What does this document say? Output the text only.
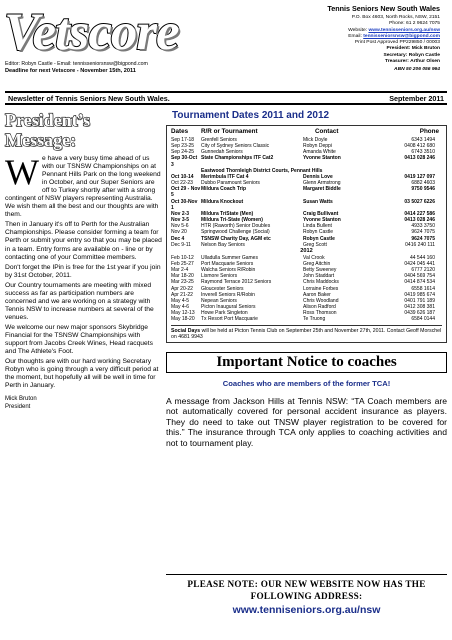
Vetscore
Editor: Robyn Castle - Email: tennisseniorsnsw@bigpond.com
Deadline for next Vetscore - November 15th, 2011
Tennis Seniors New South Wales
P.O. Box 4603, North Rocks, NSW, 2151
Phone: 61 2 9624 7075
Website: www.tennisseniors.org.au/nsw
Email: tennisseniorsnsw@bigpond.com
Print Post Approved PP229850 / 00003
President: Mick Bruton
Secretary: Robyn Castle
Treasurer: Arthur Olsen
ABN 50 206 056 964
Newsletter of Tennis Seniors New South Wales.	September 2011
President’s
Message:
W e have a very busy time ahead of us with our TSNSW Championships on at Pennant Hills Park on the long weekend in October, and our Super Seniors are off to Turkey shortly after with a strong contingent of NSW players representing Australia. We wish them all the best and our thoughts are with them.

Then in January it's off to Perth for the Australian Championships. Please consider forming a team for Perth or submit your entry so that you may be placed in a team. Entry forms are available on - line or by contacting one of your Committee members.

Don't forget the IPin is free for the 1st year if you join by 31st October, 2011.

Our Country tournaments are meeting with mixed success as far as participation numbers are concerned and we are working on a strategy with Tennis NSW to increase numbers at several of the venues.

We welcome our new major sponsors Skybridge Financial for the TSNSW Championships with support from Jacobs Creek Wines, Head racquets and The Athlete's Foot.

Our thoughts are with our hard working Secretary Robyn who is going through a very difficult period at the moment, but hopefully all will be well in time for Perth in January.

Mick Bruton
President
Tournament Dates 2011 and 2012
Dates	R/R or Tournament	Contact	Phone
Sep 17-18	Grenfell Seniors	Mick Doyle	6343 1494
Sep 23-25	City of Sydney Seniors Classic	Robyn Deppi	0408 412 680
Sep 24-25	Gunnedah Seniors	Amanda White	6743 3510
Sep 30-Oct 3
State Championships ITF Cat2	Yvonne Stanton	0413 028 246
Eastwood Thornleigh District Courts, Pennant Hills
Oct 10-14	Merimbula ITF Cat 4	Dennis Love	0419 127 097
Oct 22-23	Dubbo Paramount Seniors	Glenn Armstrong	6882 4603
Oct 29 - Nov 5
Mildura Coach Trip	Margaret Biddle	9750 9546
Oct 30-Nov 1
Mildura Knockout	Susan Watts	03 5027 6226
Nov 2-3	Mildura TriState (Men)	Craig Bullivant	0414 227 586
Nov 3-5	Mildura Tri-State (Women)	Yvonne Stanton	0413 028 246
Nov 5-6	HTR (Raworth) Senior Doubles	Linda Bullent	4933 3750
Nov 20	Springwood Challenge (Social)	Robyn Castle	9624 7075
Dec 4	TSNSW Charity Day, AGM etc	Robyn Castle	9624 7075
Dec 9-11	Nelson Bay Seniors	Greg Scott	0416 240 111
2012
Feb 10-12	Ulladulla Summer Games	Val Crook	44 544 160
Feb 25-27	Port Macquarie Seniors	Greg Aitchin	0424 045 441
Mar 2-4	Walcha Seniors R/Robin	Betty Sweeney	6777 2120
Mar 18-20	Lismore Seniors	John Staddart	0404 569 754
Mar 23-25	Raymond Terrace 2012 Seniors	Chris Maddocks	0414 874 534
Apr 20-22	Gloucester Seniors	Lorraine Forbes	6558 1614
Apr 21-22	Inverell Seniors R/Robin	Aaron Baker	0419 985 674
May 4-5	Nepean Seniors	Chris Woodland	0401 791 189
May 4-6	Picton Inaugural Seniors	Alison Radford	0412 308 381
May 12-13	Howe Park Singleton	Ross Thomson	0439 626 187
May 18-20	Tx Resort Port Macquarie	Te Truong	6584 0144
Social Days will be held at Picton Tennis Club on September 25th and November 27th, 2011. Contact Geoff Morschel on 4681 9943
Important Notice to coaches
Coaches who are members of the former TCA!
A message from Jackson Hills at Tennis NSW: “TA Coach members are not automatically covered for personal accident insurance as players. They do need to take out TNSW player registration to be covered for this.” The insurance through TCA only applies to coaching activities and not to tournament play.
PLEASE NOTE: OUR NEW WEBSITE NOW HAS THE FOLLOWING ADDRESS:
www.tenniseniors.org.au/nsw
